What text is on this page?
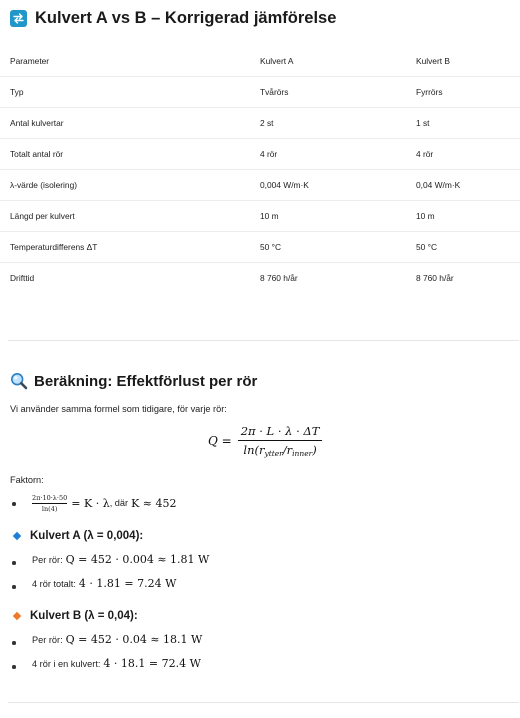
Kulvert A vs B – Korrigerad jämförelse
Parameter	Kulvert A	Kulvert B
Typ	Tvårörs	Fyrrörs
Antal kulvertar	2 st	1 st
Totalt antal rör	4 rör	4 rör
λ-värde (isolering)	0,004 W/m·K	0,04 W/m·K
Längd per kulvert	10 m	10 m
Temperaturdifferens ΔT	50 °C	50 °C
Drifttid	8 760 h/år	8 760 h/år
Beräkning: Effektförlust per rör
Vi använder samma formel som tidigare, för varje rör:
$Q = \frac{2\pi \cdot L \cdot \lambda \cdot \Delta T}{\ln(r_{ytter}/r_{inner})}$
Faktorn:
$\frac{2\pi\cdot 10\cdot\lambda\cdot 50}{\ln(4)} = K \cdot \lambda$ , där K ≈ 452
Kulvert A (λ = 0,004):
Per rör: Q = 452 · 0.004 ≈ 1.81 W
4 rör totalt: 4 · 1.81 = 7.24 W
Kulvert B (λ = 0,04):
Per rör: Q = 452 · 0.04 ≈ 18.1 W
4 rör i en kulvert: 4 · 18.1 = 72.4 W
